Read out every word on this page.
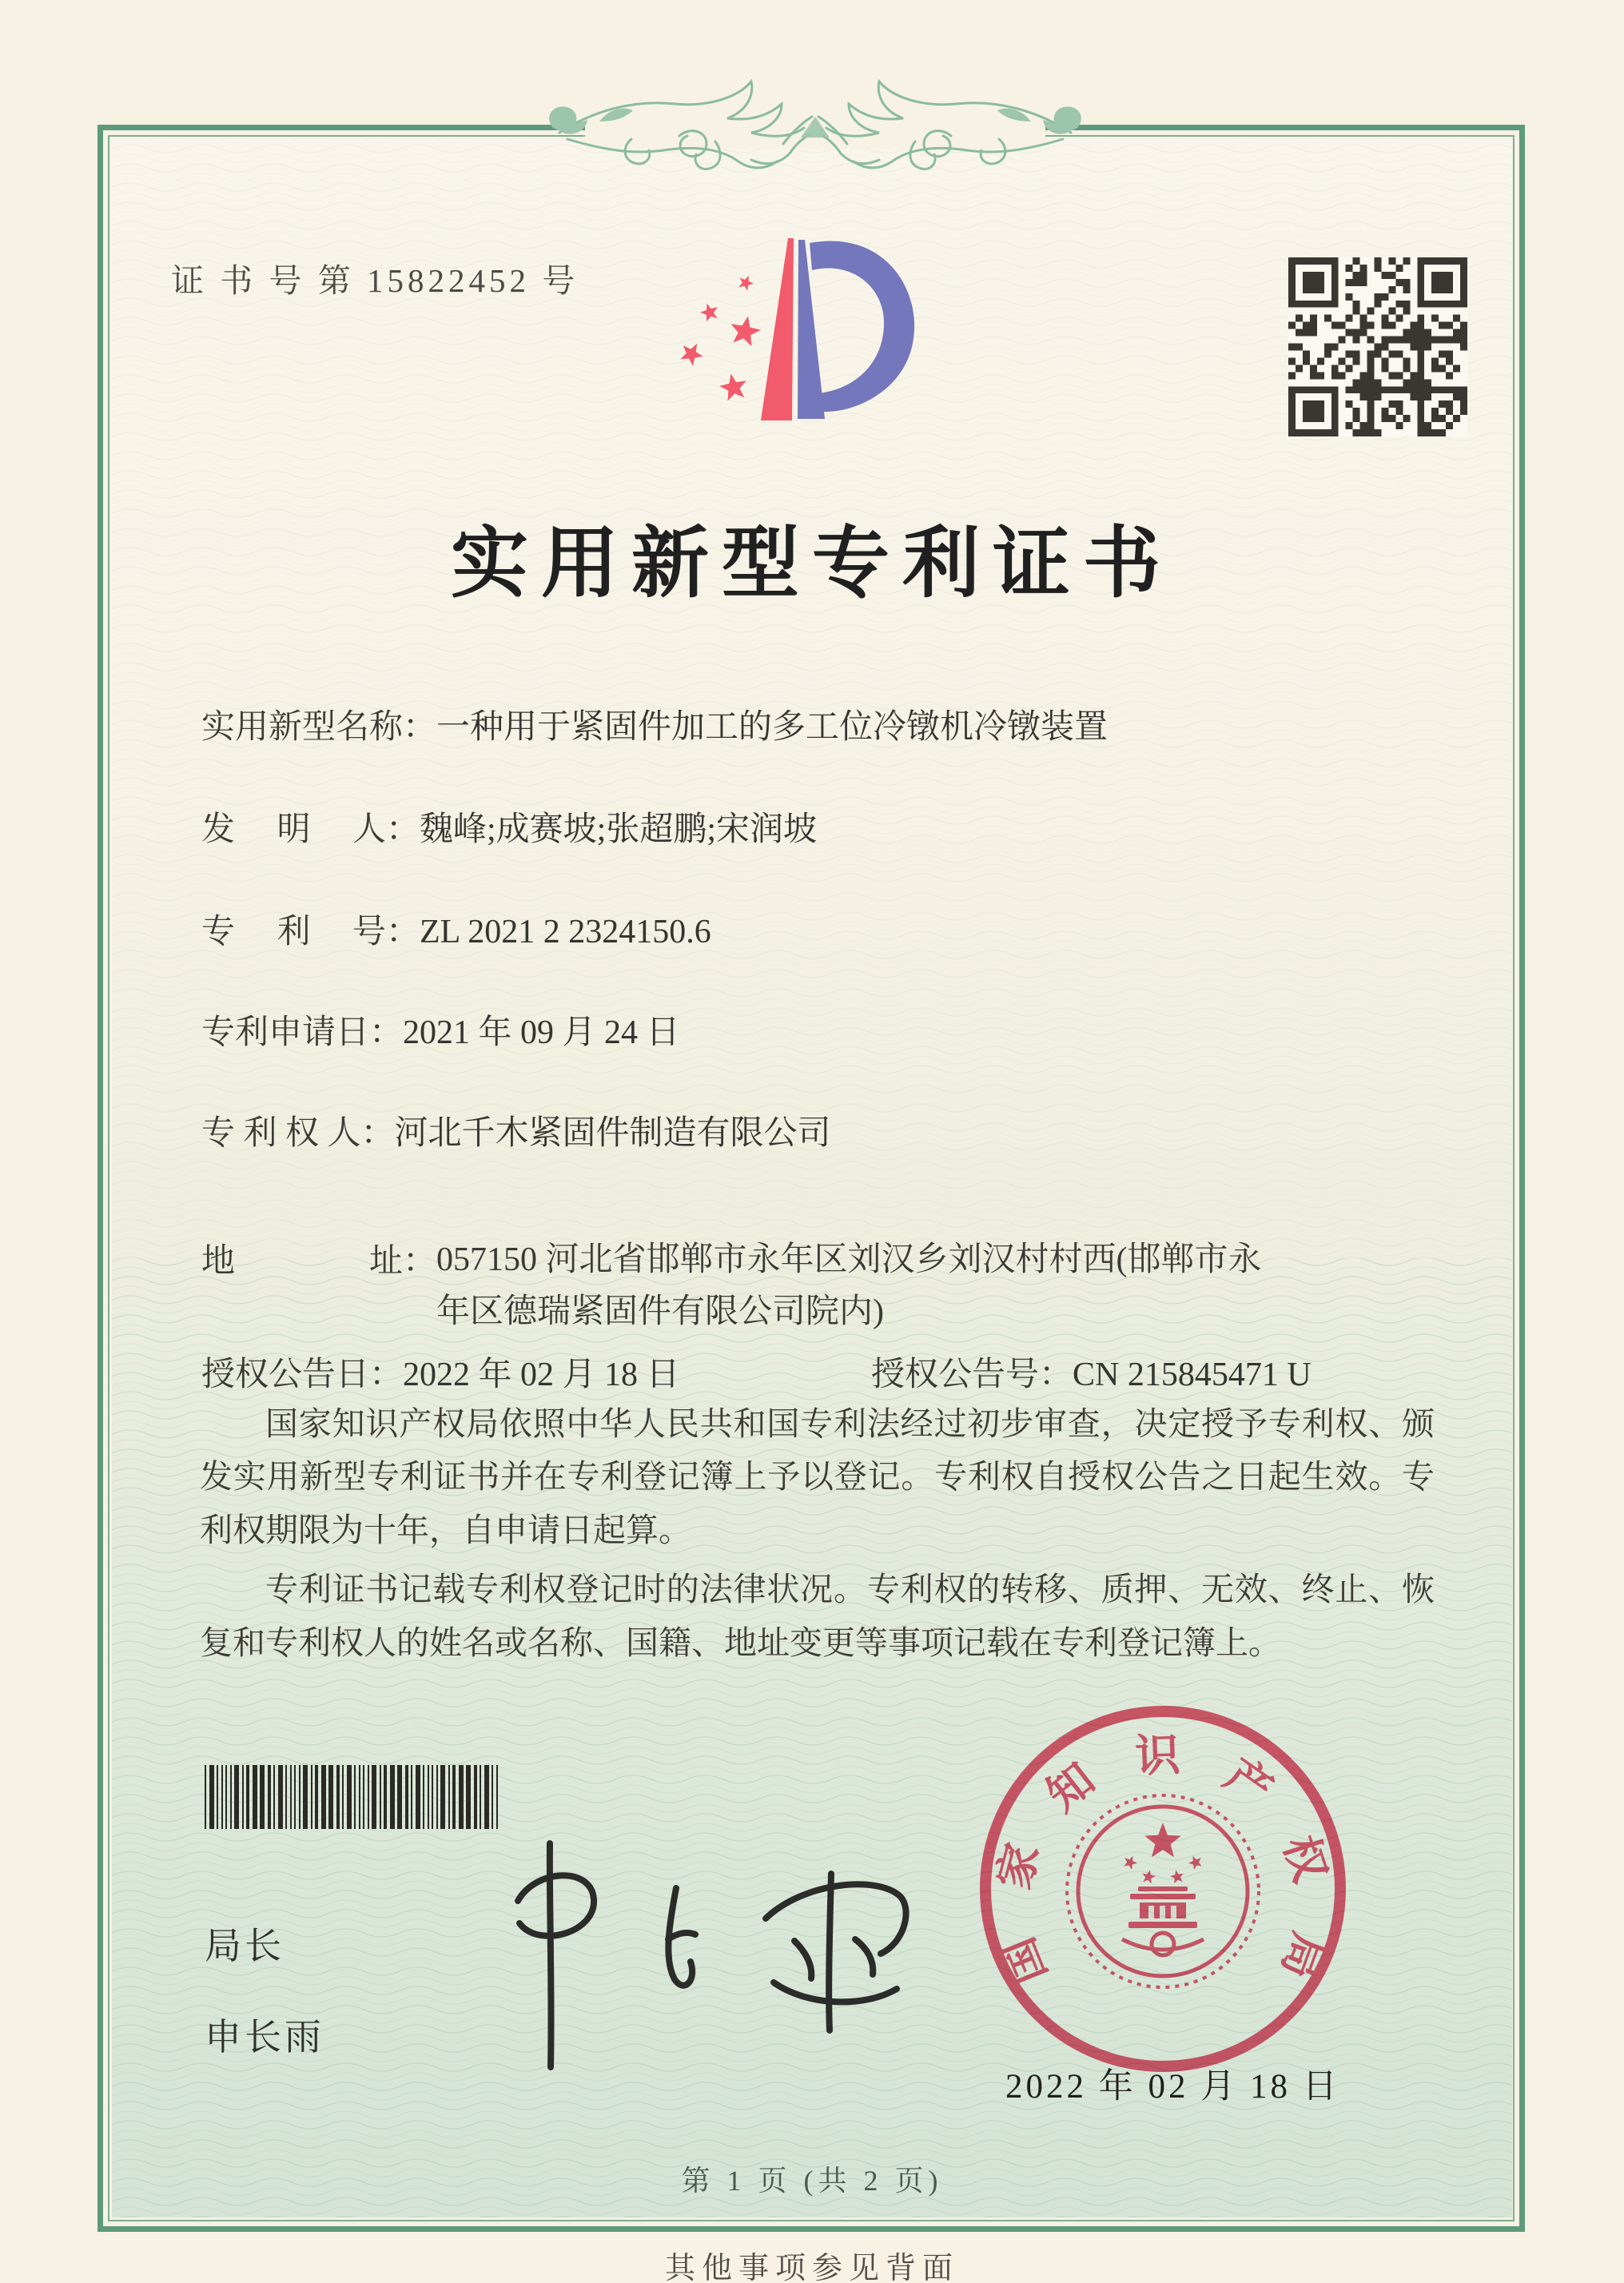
证 书 号 第 15822452 号
实用新型专利证书
实用新型名称：一种用于紧固件加工的多工位冷镦机冷镦装置
发　 明　 人：魏峰;成赛坡;张超鹏;宋润坡
专　 利　 号：ZL 2021 2 2324150.6
专利申请日：2021 年 09 月 24 日
专 利 权 人：河北千木紧固件制造有限公司
地　　　　址：057150 河北省邯郸市永年区刘汉乡刘汉村村西(邯郸市永
年区德瑞紧固件有限公司院内)
授权公告日：2022 年 02 月 18 日	授权公告号：CN 215845471 U

国家知识产权局依照中华人民共和国专利法经过初步审查，决定授予专利权、颁发实用新型专利证书并在专利登记簿上予以登记。专利权自授权公告之日起生效。专利权期限为十年，自申请日起算。

专利证书记载专利权登记时的法律状况。专利权的转移、质押、无效、终止、恢复和专利权人的姓名或名称、国籍、地址变更等事项记载在专利登记簿上。

局长
申长雨
国
家
知 识 产
权
局
2022 年 02 月 18 日
第 1 页 (共 2 页)
其他事项参见背面
